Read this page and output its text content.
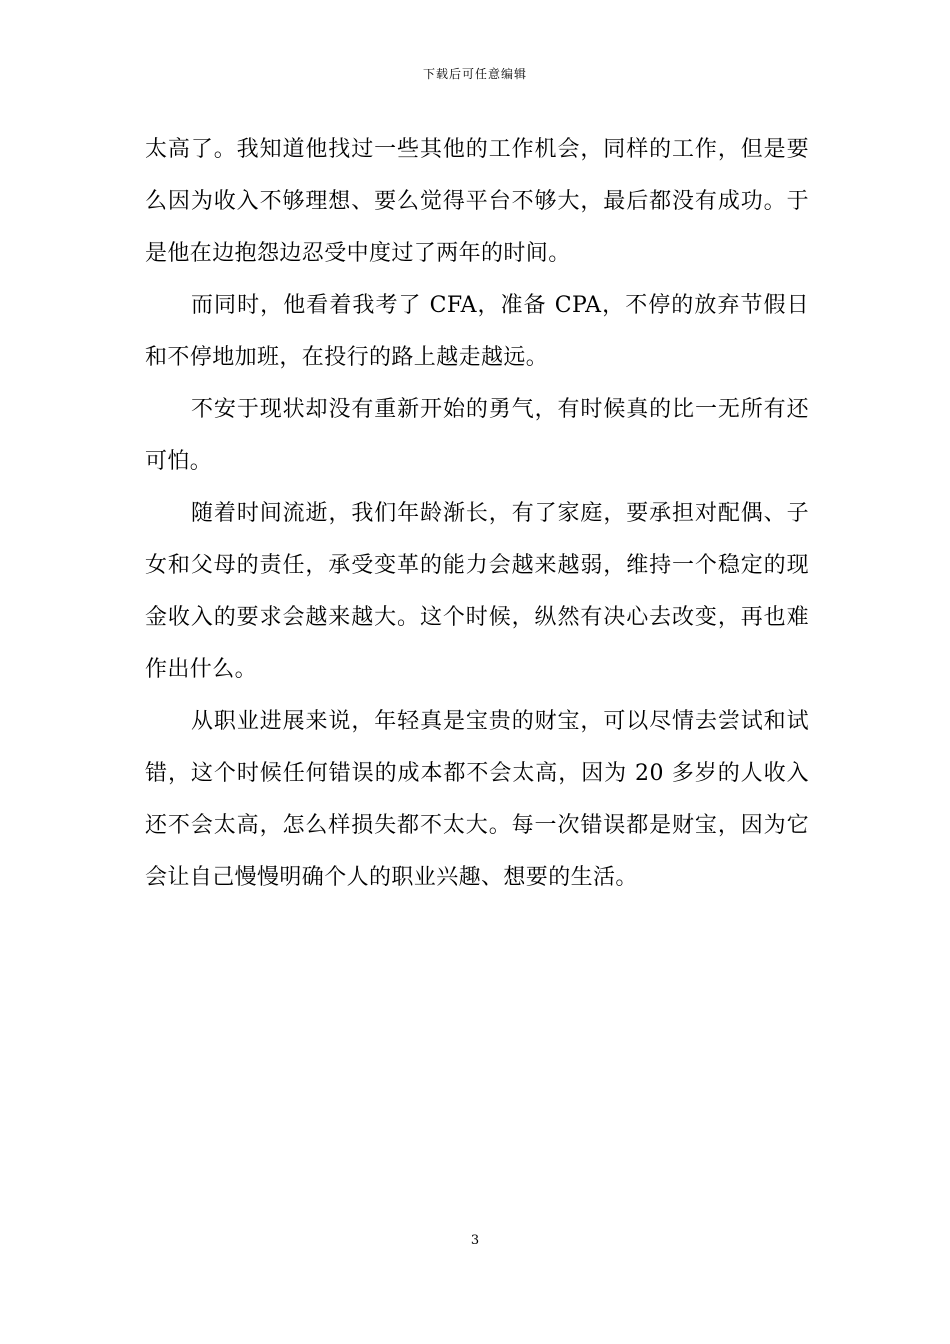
下载后可任意编辑

太高了。我知道他找过一些其他的工作机会，同样的工作，但是要么因为收入不够理想、要么觉得平台不够大，最后都没有成功。于是他在边抱怨边忍受中度过了两年的时间。

而同时，他看着我考了 CFA，准备 CPA，不停的放弃节假日和不停地加班，在投行的路上越走越远。

不安于现状却没有重新开始的勇气，有时候真的比一无所有还可怕。

随着时间流逝，我们年龄渐长，有了家庭，要承担对配偶、子女和父母的责任，承受变革的能力会越来越弱，维持一个稳定的现金收入的要求会越来越大。这个时候，纵然有决心去改变，再也难作出什么。

从职业进展来说，年轻真是宝贵的财宝，可以尽情去尝试和试错，这个时候任何错误的成本都不会太高，因为 20 多岁的人收入还不会太高，怎么样损失都不太大。每一次错误都是财宝，因为它会让自己慢慢明确个人的职业兴趣、想要的生活。

3
